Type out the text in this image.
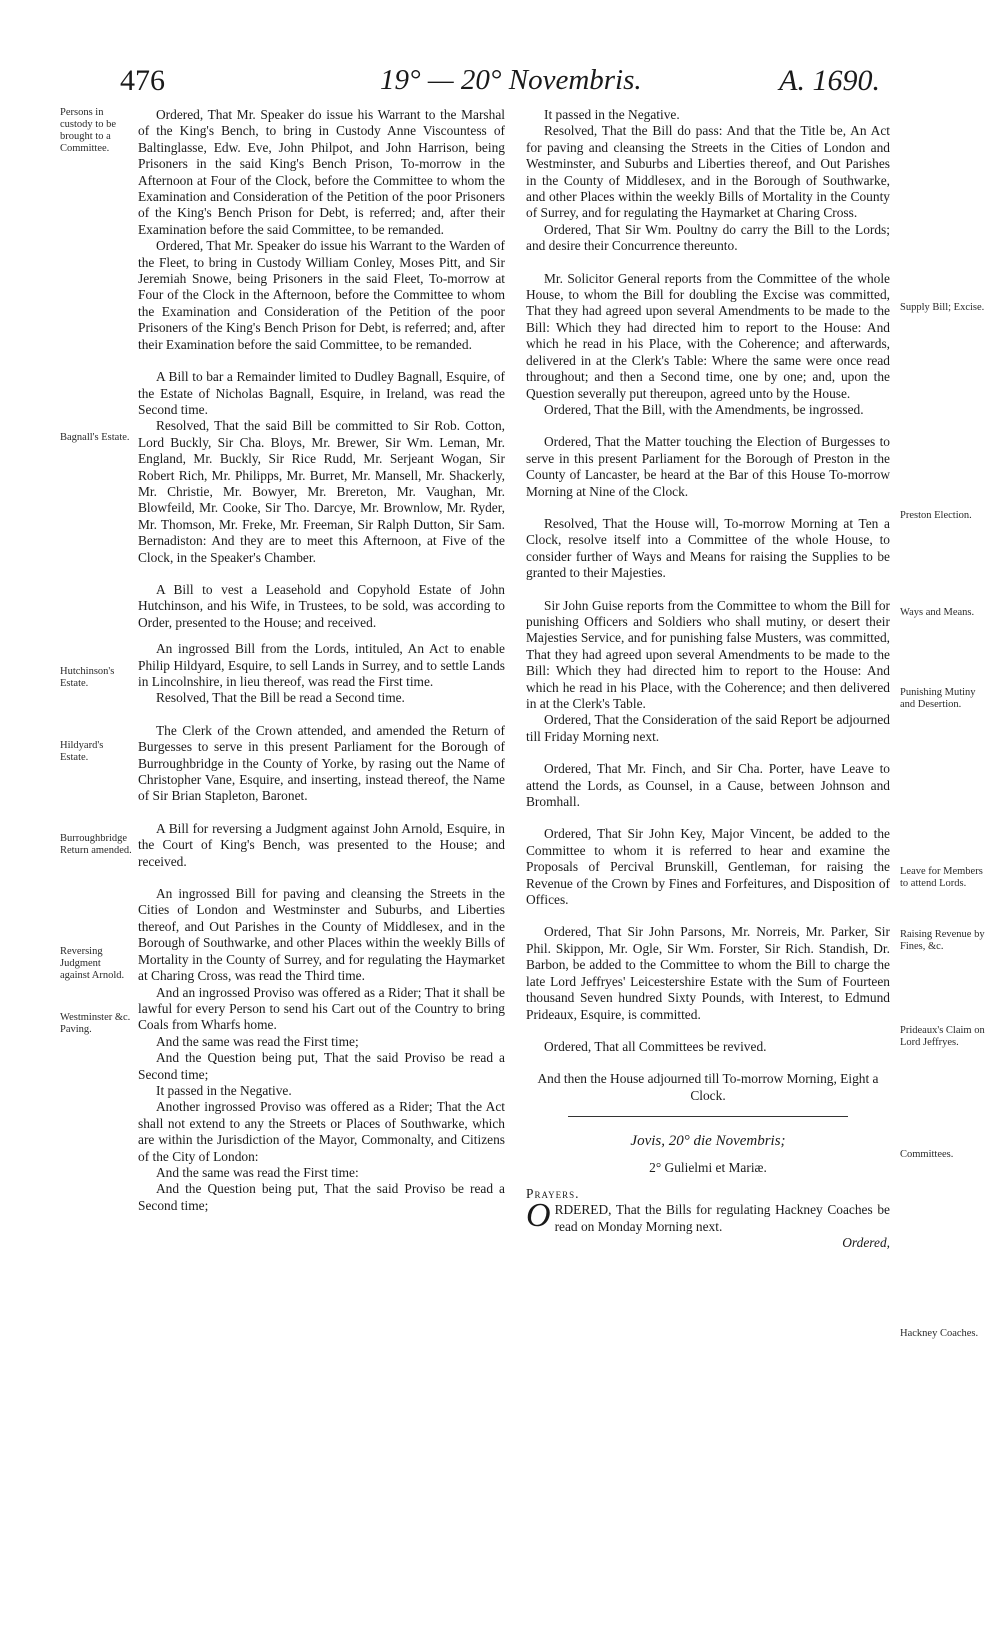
476	19° — 20° Novembris.	A. 1690.
Persons in custody to be brought to a Committee.
Bagnall's Estate.
Hutchinson's Estate.
Hildyard's Estate.
Burroughbridge Return amended.
Reversing Judgment against Arnold.
Westminster &c. Paving.
Supply Bill; Excise.
Preston Election.
Ways and Means.
Punishing Mutiny and Desertion.
Leave for Members to attend Lords.
Raising Revenue by Fines, &c.
Prideaux's Claim on Lord Jeffryes.
Committees.
Hackney Coaches.

Ordered, That Mr. Speaker do issue his Warrant to the Marshal of the King's Bench, to bring in Custody Anne Viscountess of Baltinglasse, Edw. Eve, John Philpot, and John Harrison, being Prisoners in the said King's Bench Prison, To-morrow in the Afternoon at Four of the Clock, before the Committee to whom the Examination and Consideration of the Petition of the poor Prisoners of the King's Bench Prison for Debt, is referred; and, after their Examination before the said Committee, to be remanded.

Ordered, That Mr. Speaker do issue his Warrant to the Warden of the Fleet, to bring in Custody William Conley, Moses Pitt, and Sir Jeremiah Snowe, being Prisoners in the said Fleet, To-morrow at Four of the Clock in the Afternoon, before the Committee to whom the Examination and Consideration of the Petition of the poor Prisoners of the King's Bench Prison for Debt, is referred; and, after their Examination before the said Committee, to be remanded.

A Bill to bar a Remainder limited to Dudley Bagnall, Esquire, of the Estate of Nicholas Bagnall, Esquire, in Ireland, was read the Second time.

Resolved, That the said Bill be committed to Sir Rob. Cotton, Lord Buckly, Sir Cha. Bloys, Mr. Brewer, Sir Wm. Leman, Mr. England, Mr. Buckly, Sir Rice Rudd, Mr. Serjeant Wogan, Sir Robert Rich, Mr. Philipps, Mr. Burret, Mr. Mansell, Mr. Shackerly, Mr. Christie, Mr. Bowyer, Mr. Brereton, Mr. Vaughan, Mr. Blowfeild, Mr. Cooke, Sir Tho. Darcye, Mr. Brownlow, Mr. Ryder, Mr. Thomson, Mr. Freke, Mr. Freeman, Sir Ralph Dutton, Sir Sam. Bernadiston: And they are to meet this Afternoon, at Five of the Clock, in the Speaker's Chamber.

A Bill to vest a Leasehold and Copyhold Estate of John Hutchinson, and his Wife, in Trustees, to be sold, was according to Order, presented to the House; and received.

An ingrossed Bill from the Lords, intituled, An Act to enable Philip Hildyard, Esquire, to sell Lands in Surrey, and to settle Lands in Lincolnshire, in lieu thereof, was read the First time.

Resolved, That the Bill be read a Second time.

The Clerk of the Crown attended, and amended the Return of Burgesses to serve in this present Parliament for the Borough of Burroughbridge in the County of Yorke, by rasing out the Name of Christopher Vane, Esquire, and inserting, instead thereof, the Name of Sir Brian Stapleton, Baronet.

A Bill for reversing a Judgment against John Arnold, Esquire, in the Court of King's Bench, was presented to the House; and received.

An ingrossed Bill for paving and cleansing the Streets in the Cities of London and Westminster and Suburbs, and Liberties thereof, and Out Parishes in the County of Middlesex, and in the Borough of Southwarke, and other Places within the weekly Bills of Mortality in the County of Surrey, and for regulating the Haymarket at Charing Cross, was read the Third time.

And an ingrossed Proviso was offered as a Rider; That it shall be lawful for every Person to send his Cart out of the Country to bring Coals from Wharfs home.

And the same was read the First time;

And the Question being put, That the said Proviso be read a Second time;

It passed in the Negative.

Another ingrossed Proviso was offered as a Rider; That the Act shall not extend to any the Streets or Places of Southwarke, which are within the Jurisdiction of the Mayor, Commonalty, and Citizens of the City of London:

And the same was read the First time:

And the Question being put, That the said Proviso be read a Second time;

It passed in the Negative.

Resolved, That the Bill do pass: And that the Title be, An Act for paving and cleansing the Streets in the Cities of London and Westminster, and Suburbs and Liberties thereof, and Out Parishes in the County of Middlesex, and in the Borough of Southwarke, and other Places within the weekly Bills of Mortality in the County of Surrey, and for regulating the Haymarket at Charing Cross.

Ordered, That Sir Wm. Poultny do carry the Bill to the Lords; and desire their Concurrence thereunto.

Mr. Solicitor General reports from the Committee of the whole House, to whom the Bill for doubling the Excise was committed, That they had agreed upon several Amendments to be made to the Bill: Which they had directed him to report to the House: And which he read in his Place, with the Coherence; and afterwards, delivered in at the Clerk's Table: Where the same were once read throughout; and then a Second time, one by one; and, upon the Question severally put thereupon, agreed unto by the House.

Ordered, That the Bill, with the Amendments, be ingrossed.

Ordered, That the Matter touching the Election of Burgesses to serve in this present Parliament for the Borough of Preston in the County of Lancaster, be heard at the Bar of this House To-morrow Morning at Nine of the Clock.

Resolved, That the House will, To-morrow Morning at Ten a Clock, resolve itself into a Committee of the whole House, to consider further of Ways and Means for raising the Supplies to be granted to their Majesties.

Sir John Guise reports from the Committee to whom the Bill for punishing Officers and Soldiers who shall mutiny, or desert their Majesties Service, and for punishing false Musters, was committed, That they had agreed upon several Amendments to be made to the Bill: Which they had directed him to report to the House: And which he read in his Place, with the Coherence; and then delivered in at the Clerk's Table.

Ordered, That the Consideration of the said Report be adjourned till Friday Morning next.

Ordered, That Mr. Finch, and Sir Cha. Porter, have Leave to attend the Lords, as Counsel, in a Cause, between Johnson and Bromhall.

Ordered, That Sir John Key, Major Vincent, be added to the Committee to whom it is referred to hear and examine the Proposals of Percival Brunskill, Gentleman, for raising the Revenue of the Crown by Fines and Forfeitures, and Disposition of Offices.

Ordered, That Sir John Parsons, Mr. Norreis, Mr. Parker, Sir Phil. Skippon, Mr. Ogle, Sir Wm. Forster, Sir Rich. Standish, Dr. Barbon, be added to the Committee to whom the Bill to charge the late Lord Jeffryes' Leicestershire Estate with the Sum of Fourteen thousand Seven hundred Sixty Pounds, with Interest, to Edmund Prideaux, Esquire, is committed.

Ordered, That all Committees be revived.

And then the House adjourned till To-morrow Morning, Eight a Clock.

Jovis, 20° die Novembris;

2° Gulielmi et Mariæ.

Prayers.

ORDERED, That the Bills for regulating Hackney Coaches be read on Monday Morning next.

Ordered,
